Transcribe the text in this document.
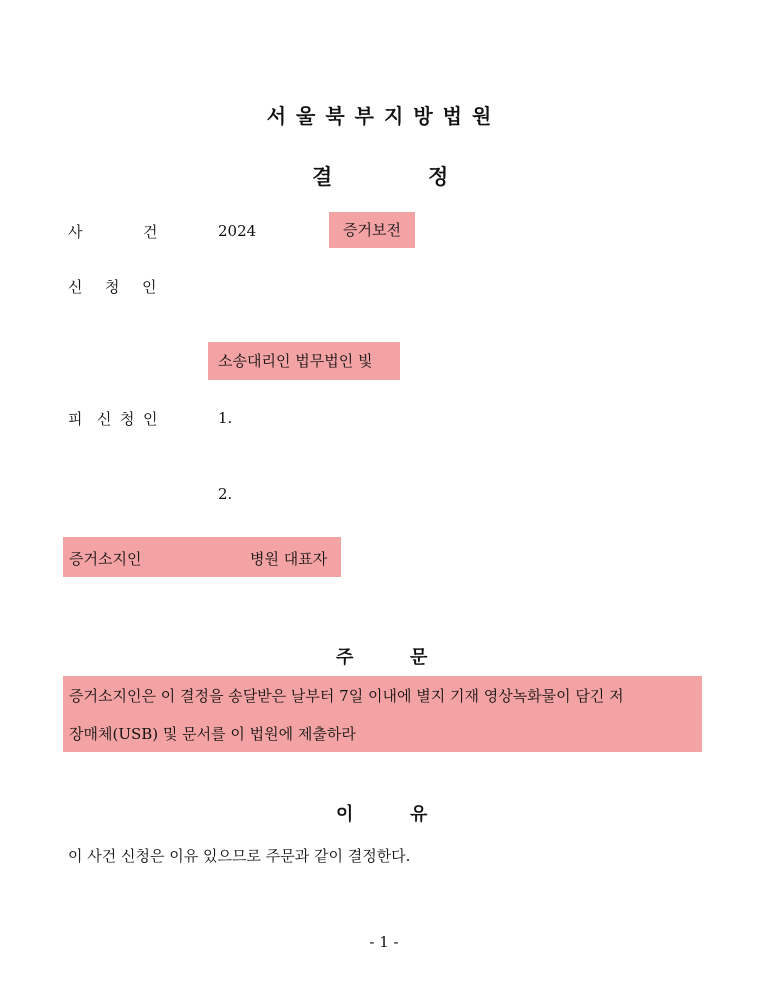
서울북부지방법원
결	정
사	건	2024	증거보전
신 청 인
소송대리인 법무법인 빛
피 신 청 인	1.
2.
증거소지인	병원 대표자
주	문
증거소지인은 이 결정을 송달받은 날부터 7일 이내에 별지 기재 영상녹화물이 담긴 저
장매체(USB) 및 문서를 이 법원에 제출하라
이	유
이 사건 신청은 이유 있으므로 주문과 같이 결정한다.
- 1 -
